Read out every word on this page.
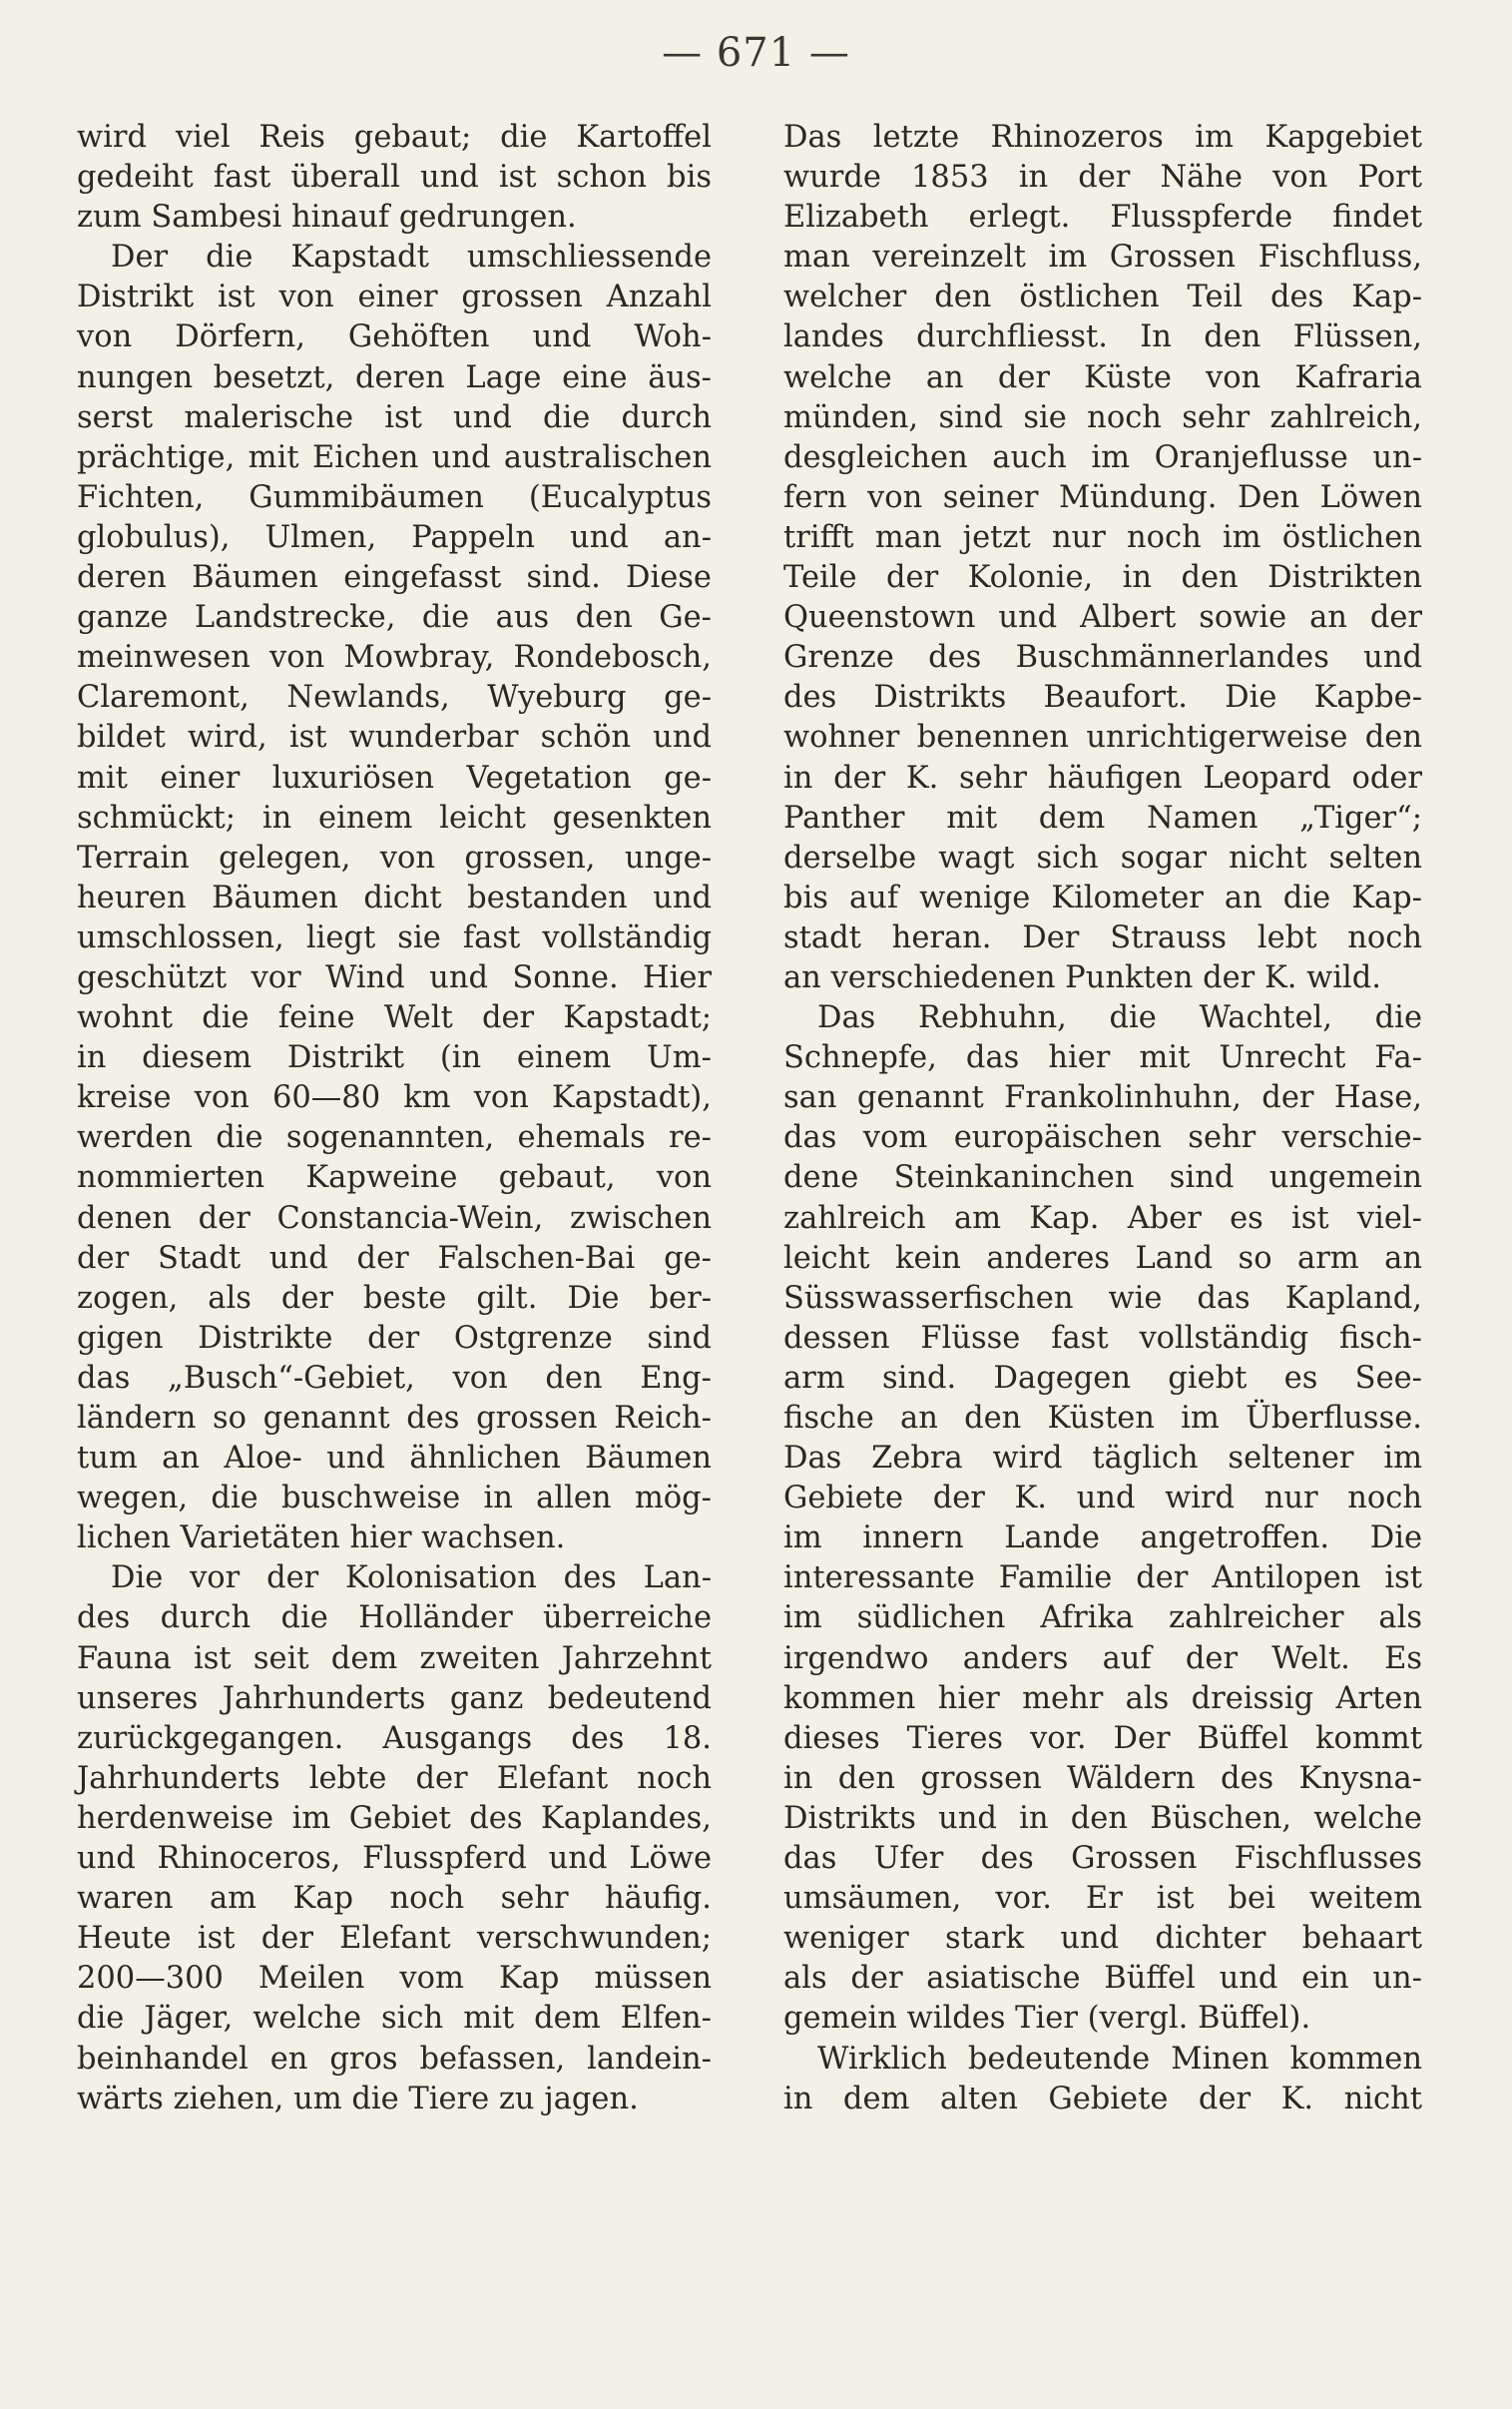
— 671 —
wird viel Reis gebaut; die Kartoffel
gedeiht fast überall und ist schon bis
zum Sambesi hinauf gedrungen.
Der die Kapstadt umschliessende
Distrikt ist von einer grossen Anzahl
von Dörfern, Gehöften und Woh-
nungen besetzt, deren Lage eine äus-
serst malerische ist und die durch
prächtige, mit Eichen und australischen
Fichten, Gummibäumen (Eucalyptus
globulus), Ulmen, Pappeln und an-
deren Bäumen eingefasst sind. Diese
ganze Landstrecke, die aus den Ge-
meinwesen von Mowbray, Rondebosch,
Claremont, Newlands, Wyeburg ge-
bildet wird, ist wunderbar schön und
mit einer luxuriösen Vegetation ge-
schmückt; in einem leicht gesenkten
Terrain gelegen, von grossen, unge-
heuren Bäumen dicht bestanden und
umschlossen, liegt sie fast vollständig
geschützt vor Wind und Sonne. Hier
wohnt die feine Welt der Kapstadt;
in diesem Distrikt (in einem Um-
kreise von 60—80 km von Kapstadt),
werden die sogenannten, ehemals re-
nommierten Kapweine gebaut, von
denen der Constancia-Wein, zwischen
der Stadt und der Falschen-Bai ge-
zogen, als der beste gilt. Die ber-
gigen Distrikte der Ostgrenze sind
das „Busch“-Gebiet, von den Eng-
ländern so genannt des grossen Reich-
tum an Aloe- und ähnlichen Bäumen
wegen, die buschweise in allen mög-
lichen Varietäten hier wachsen.
Die vor der Kolonisation des Lan-
des durch die Holländer überreiche
Fauna ist seit dem zweiten Jahrzehnt
unseres Jahrhunderts ganz bedeutend
zurückgegangen. Ausgangs des 18.
Jahrhunderts lebte der Elefant noch
herdenweise im Gebiet des Kaplandes,
und Rhinoceros, Flusspferd und Löwe
waren am Kap noch sehr häufig.
Heute ist der Elefant verschwunden;
200—300 Meilen vom Kap müssen
die Jäger, welche sich mit dem Elfen-
beinhandel en gros befassen, landein-
wärts ziehen, um die Tiere zu jagen.
Das letzte Rhinozeros im Kapgebiet
wurde 1853 in der Nähe von Port
Elizabeth erlegt. Flusspferde findet
man vereinzelt im Grossen Fischfluss,
welcher den östlichen Teil des Kap-
landes durchfliesst. In den Flüssen,
welche an der Küste von Kafraria
münden, sind sie noch sehr zahlreich,
desgleichen auch im Oranjeflusse un-
fern von seiner Mündung. Den Löwen
trifft man jetzt nur noch im östlichen
Teile der Kolonie, in den Distrikten
Queenstown und Albert sowie an der
Grenze des Buschmännerlandes und
des Distrikts Beaufort. Die Kapbe-
wohner benennen unrichtigerweise den
in der K. sehr häufigen Leopard oder
Panther mit dem Namen „Tiger“;
derselbe wagt sich sogar nicht selten
bis auf wenige Kilometer an die Kap-
stadt heran. Der Strauss lebt noch
an verschiedenen Punkten der K. wild.
Das Rebhuhn, die Wachtel, die
Schnepfe, das hier mit Unrecht Fa-
san genannt Frankolinhuhn, der Hase,
das vom europäischen sehr verschie-
dene Steinkaninchen sind ungemein
zahlreich am Kap. Aber es ist viel-
leicht kein anderes Land so arm an
Süsswasserfischen wie das Kapland,
dessen Flüsse fast vollständig fisch-
arm sind. Dagegen giebt es See-
fische an den Küsten im Überflusse.
Das Zebra wird täglich seltener im
Gebiete der K. und wird nur noch
im innern Lande angetroffen. Die
interessante Familie der Antilopen ist
im südlichen Afrika zahlreicher als
irgendwo anders auf der Welt. Es
kommen hier mehr als dreissig Arten
dieses Tieres vor. Der Büffel kommt
in den grossen Wäldern des Knysna-
Distrikts und in den Büschen, welche
das Ufer des Grossen Fischflusses
umsäumen, vor. Er ist bei weitem
weniger stark und dichter behaart
als der asiatische Büffel und ein un-
gemein wildes Tier (vergl. Büffel).
Wirklich bedeutende Minen kommen
in dem alten Gebiete der K. nicht
